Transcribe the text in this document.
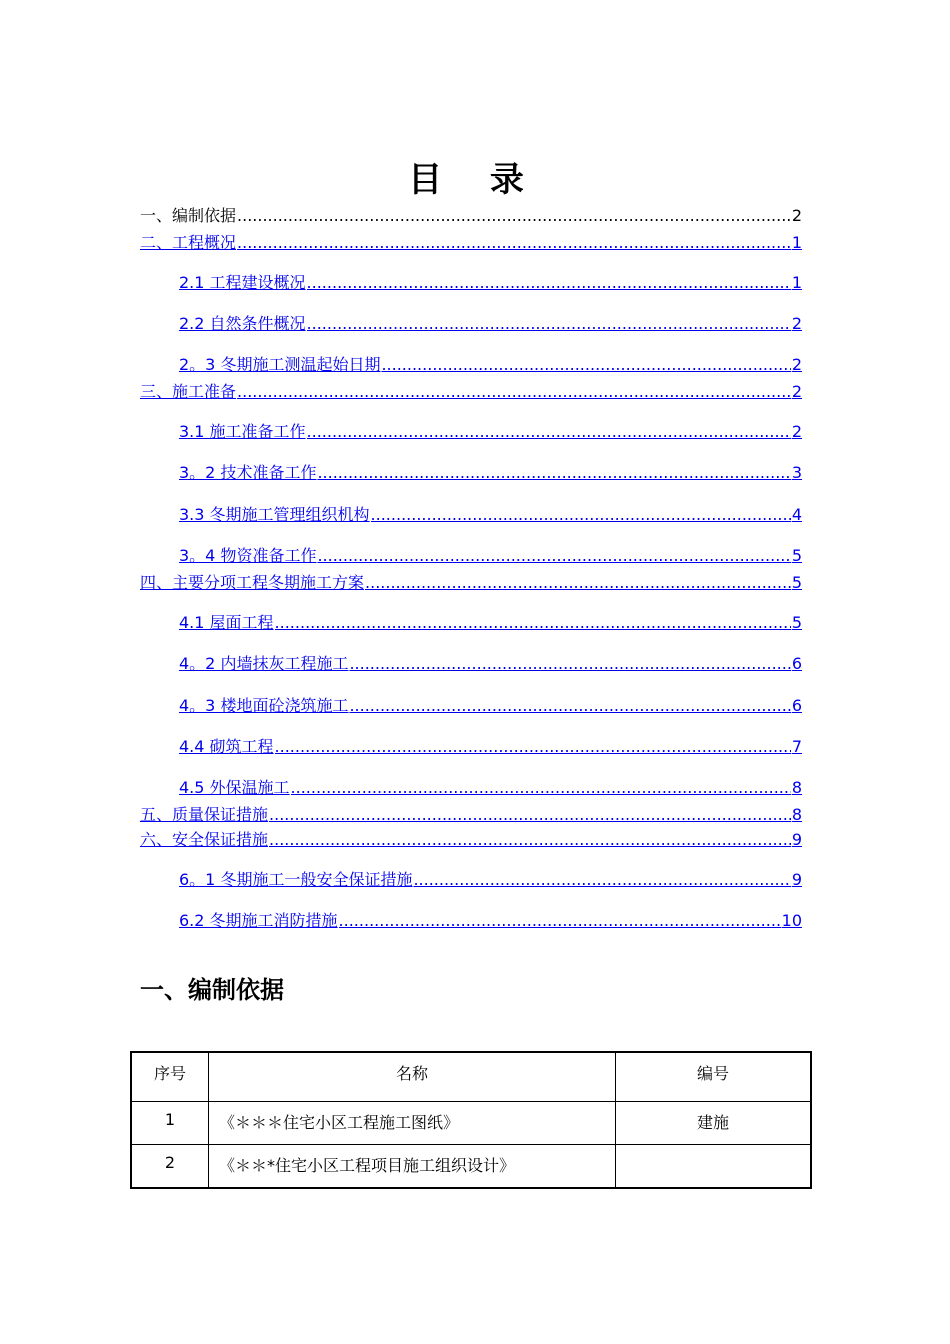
目 录
一、编制依据 .....	2
二、工程概况 .....	1
2.1 工程建设概况 .....	1
2.2 自然条件概况 .....	2
2。3 冬期施工测温起始日期 .....	2
三、施工准备 .....	2
3.1 施工准备工作 .....	2
3。2 技术准备工作 .....	3
3.3 冬期施工管理组织机构 .....	4
3。4 物资准备工作 .....	5
四、主要分项工程冬期施工方案 .....	5
4.1 屋面工程 .....	5
4。2 内墙抹灰工程施工 .....	6
4。3 楼地面砼浇筑施工 .....	6
4.4 砌筑工程 .....	7
4.5 外保温施工 .....	8
五、质量保证措施 .....	8
六、安全保证措施 .....	9
6。1 冬期施工一般安全保证措施 .....	9
6.2 冬期施工消防措施 .....	10
一、编制依据
序号	名称	编号
1	《＊＊＊住宅小区工程施工图纸》	建施
2	《＊＊*住宅小区工程项目施工组织设计》	
